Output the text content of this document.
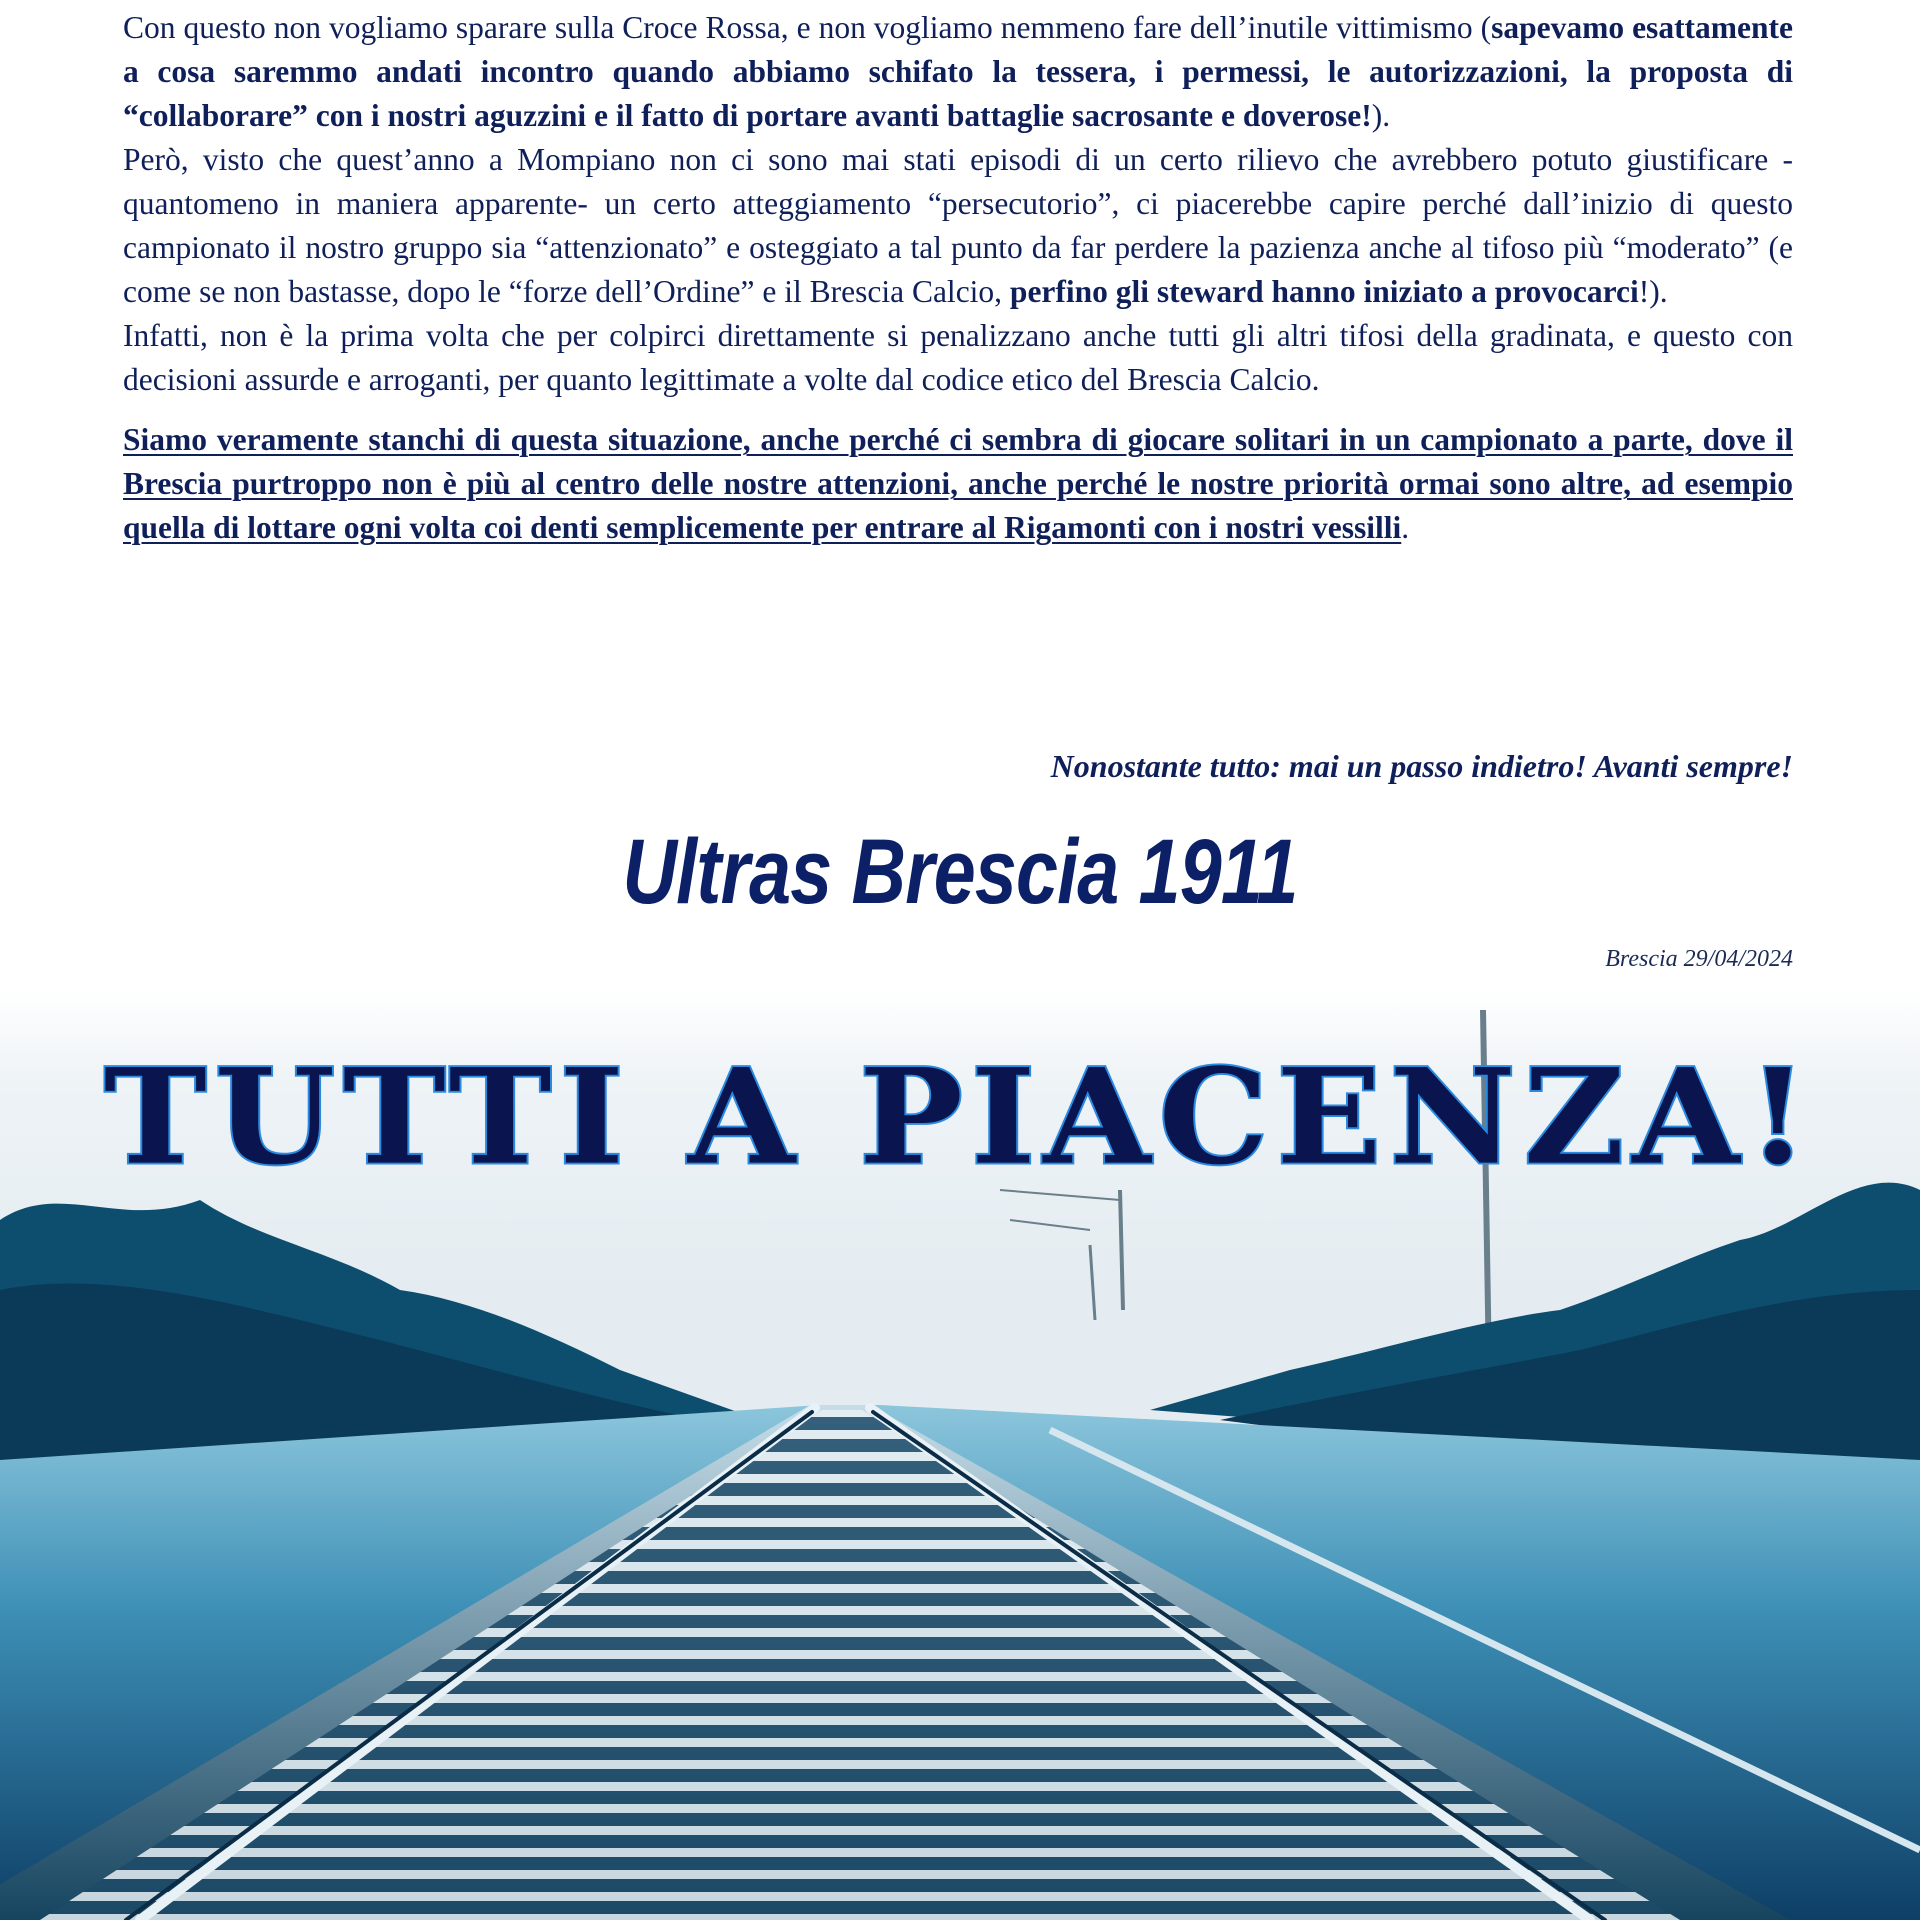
Con questo non vogliamo sparare sulla Croce Rossa, e non vogliamo nemmeno fare dell’inutile vittimismo (sapevamo esattamente a cosa saremmo andati incontro quando abbiamo schifato la tessera, i permessi, le autorizzazioni, la proposta di “collaborare” con i nostri aguzzini e il fatto di portare avanti battaglie sacrosante e doverose!).

Però, visto che quest’anno a Mompiano non ci sono mai stati episodi di un certo rilievo che avrebbero potuto giustificare -quantomeno in maniera apparente- un certo atteggiamento “persecutorio”, ci piacerebbe capire perché dall’inizio di questo campionato il nostro gruppo sia “attenzionato” e osteggiato a tal punto da far perdere la pazienza anche al tifoso più “moderato” (e come se non bastasse, dopo le “forze dell’Ordine” e il Brescia Calcio, perfino gli steward hanno iniziato a provocarci!).

Infatti, non è la prima volta che per colpirci direttamente si penalizzano anche tutti gli altri tifosi della gradinata, e questo con decisioni assurde e arroganti, per quanto legittimate a volte dal codice etico del Brescia Calcio.

Siamo veramente stanchi di questa situazione, anche perché ci sembra di giocare solitari in un campionato a parte, dove il Brescia purtroppo non è più al centro delle nostre attenzioni, anche perché le nostre priorità ormai sono altre, ad esempio quella di lottare ogni volta coi denti semplicemente per entrare al Rigamonti con i nostri vessilli.

Nonostante tutto: mai un passo indietro! Avanti sempre!
Ultras Brescia 1911
Brescia 29/04/2024
TUTTI A PIACENZA!
